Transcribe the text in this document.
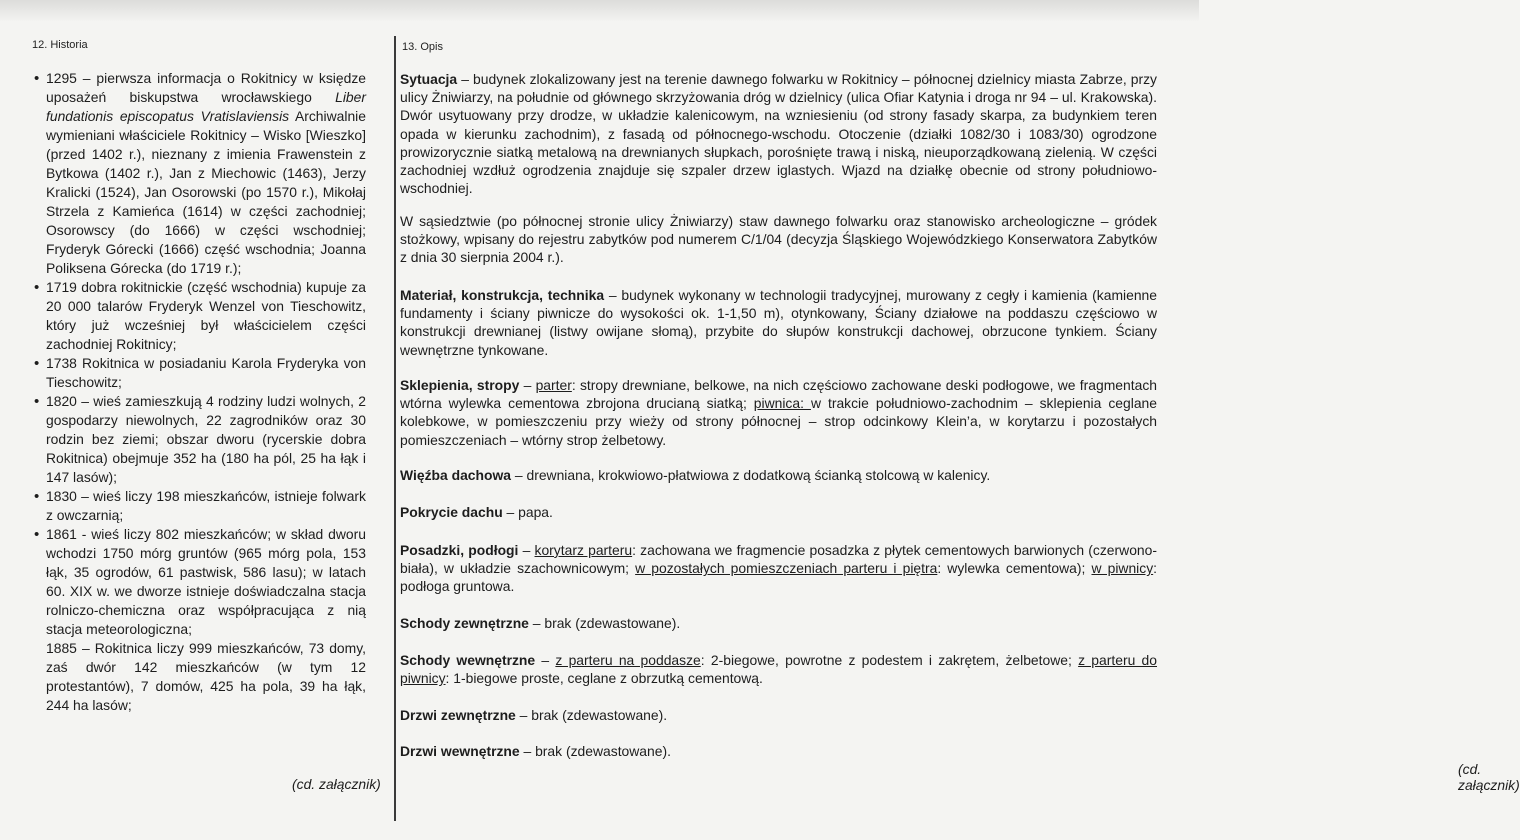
12. Historia
• 1295 – pierwsza informacja o Rokitnicy w księdze uposażeń biskupstwa wrocławskiego Liber fundationis episcopatus Vratislaviensis Archiwalnie wymieniani właściciele Rokitnicy – Wisko [Wieszko] (przed 1402 r.), nieznany z imienia Frawenstein z Bytkowa (1402 r.), Jan z Miechowic (1463), Jerzy Kralicki (1524), Jan Osorowski (po 1570 r.), Mikołaj Strzela z Kamieńca (1614) w części zachodniej; Osorowscy (do 1666) w części wschodniej; Fryderyk Górecki (1666) część wschodnia; Joanna Poliksena Górecka (do 1719 r.);
• 1719 dobra rokitnickie (część wschodnia) kupuje za 20 000 talarów Fryderyk Wenzel von Tieschowitz, który już wcześniej był właścicielem części zachodniej Rokitnicy;
• 1738 Rokitnica w posiadaniu Karola Fryderyka von Tieschowitz;
• 1820 – wieś zamieszkują 4 rodziny ludzi wolnych, 2 gospodarzy niewolnych, 22 zagrodników oraz 30 rodzin bez ziemi; obszar dworu (rycerskie dobra Rokitnica) obejmuje 352 ha (180 ha pól, 25 ha łąk i 147 lasów);
• 1830 – wieś liczy 198 mieszkańców, istnieje folwark z owczarnią;
• 1861 - wieś liczy 802 mieszkańców; w skład dworu wchodzi 1750 mórg gruntów (965 mórg pola, 153 łąk, 35 ogrodów, 61 pastwisk, 586 lasu); w latach 60. XIX w. we dworze istnieje doświadczalna stacja rolniczo-chemiczna oraz współpracująca z nią stacja meteorologiczna;
1885 – Rokitnica liczy 999 mieszkańców, 73 domy, zaś dwór 142 mieszkańców (w tym 12 protestantów), 7 domów, 425 ha pola, 39 ha łąk, 244 ha lasów;
(cd. załącznik)
13. Opis
(cd. załącznik)

Sytuacja – budynek zlokalizowany jest na terenie dawnego folwarku w Rokitnicy – północnej dzielnicy miasta Zabrze, przy ulicy Żniwiarzy, na południe od głównego skrzyżowania dróg w dzielnicy (ulica Ofiar Katynia i droga nr 94 – ul. Krakowska). Dwór usytuowany przy drodze, w układzie kalenicowym, na wzniesieniu (od strony fasady skarpa, za budynkiem teren opada w kierunku zachodnim), z fasadą od północnego-wschodu. Otoczenie (działki 1082/30 i 1083/30) ogrodzone prowizorycznie siatką metalową na drewnianych słupkach, porośnięte trawą i niską, nieuporządkowaną zielenią. W części zachodniej wzdłuż ogrodzenia znajduje się szpaler drzew iglastych. Wjazd na działkę obecnie od strony południowo-wschodniej.

W sąsiedztwie (po północnej stronie ulicy Żniwiarzy) staw dawnego folwarku oraz stanowisko archeologiczne – gródek stożkowy, wpisany do rejestru zabytków pod numerem C/1/04 (decyzja Śląskiego Wojewódzkiego Konserwatora Zabytków z dnia 30 sierpnia 2004 r.).

Materiał, konstrukcja, technika – budynek wykonany w technologii tradycyjnej, murowany z cegły i kamienia (kamienne fundamenty i ściany piwnicze do wysokości ok. 1-1,50 m), otynkowany, Ściany działowe na poddaszu częściowo w konstrukcji drewnianej (listwy owijane słomą), przybite do słupów konstrukcji dachowej, obrzucone tynkiem. Ściany wewnętrzne tynkowane.

Sklepienia, stropy – parter: stropy drewniane, belkowe, na nich częściowo zachowane deski podłogowe, we fragmentach wtórna wylewka cementowa zbrojona drucianą siatką; piwnica: w trakcie południowo-zachodnim – sklepienia ceglane kolebkowe, w pomieszczeniu przy wieży od strony północnej – strop odcinkowy Klein’a, w korytarzu i pozostałych pomieszczeniach – wtórny strop żelbetowy.

Więźba dachowa – drewniana, krokwiowo-płatwiowa z dodatkową ścianką stolcową w kalenicy.

Pokrycie dachu – papa.

Posadzki, podłogi – korytarz parteru: zachowana we fragmencie posadzka z płytek cementowych barwionych (czerwono-biała), w układzie szachownicowym; w pozostałych pomieszczeniach parteru i piętra: wylewka cementowa); w piwnicy: podłoga gruntowa.

Schody zewnętrzne – brak (zdewastowane).

Schody wewnętrzne – z parteru na poddasze: 2-biegowe, powrotne z podestem i zakrętem, żelbetowe; z parteru do piwnicy: 1-biegowe proste, ceglane z obrzutką cementową.

Drzwi zewnętrzne – brak (zdewastowane).

Drzwi wewnętrzne – brak (zdewastowane).
